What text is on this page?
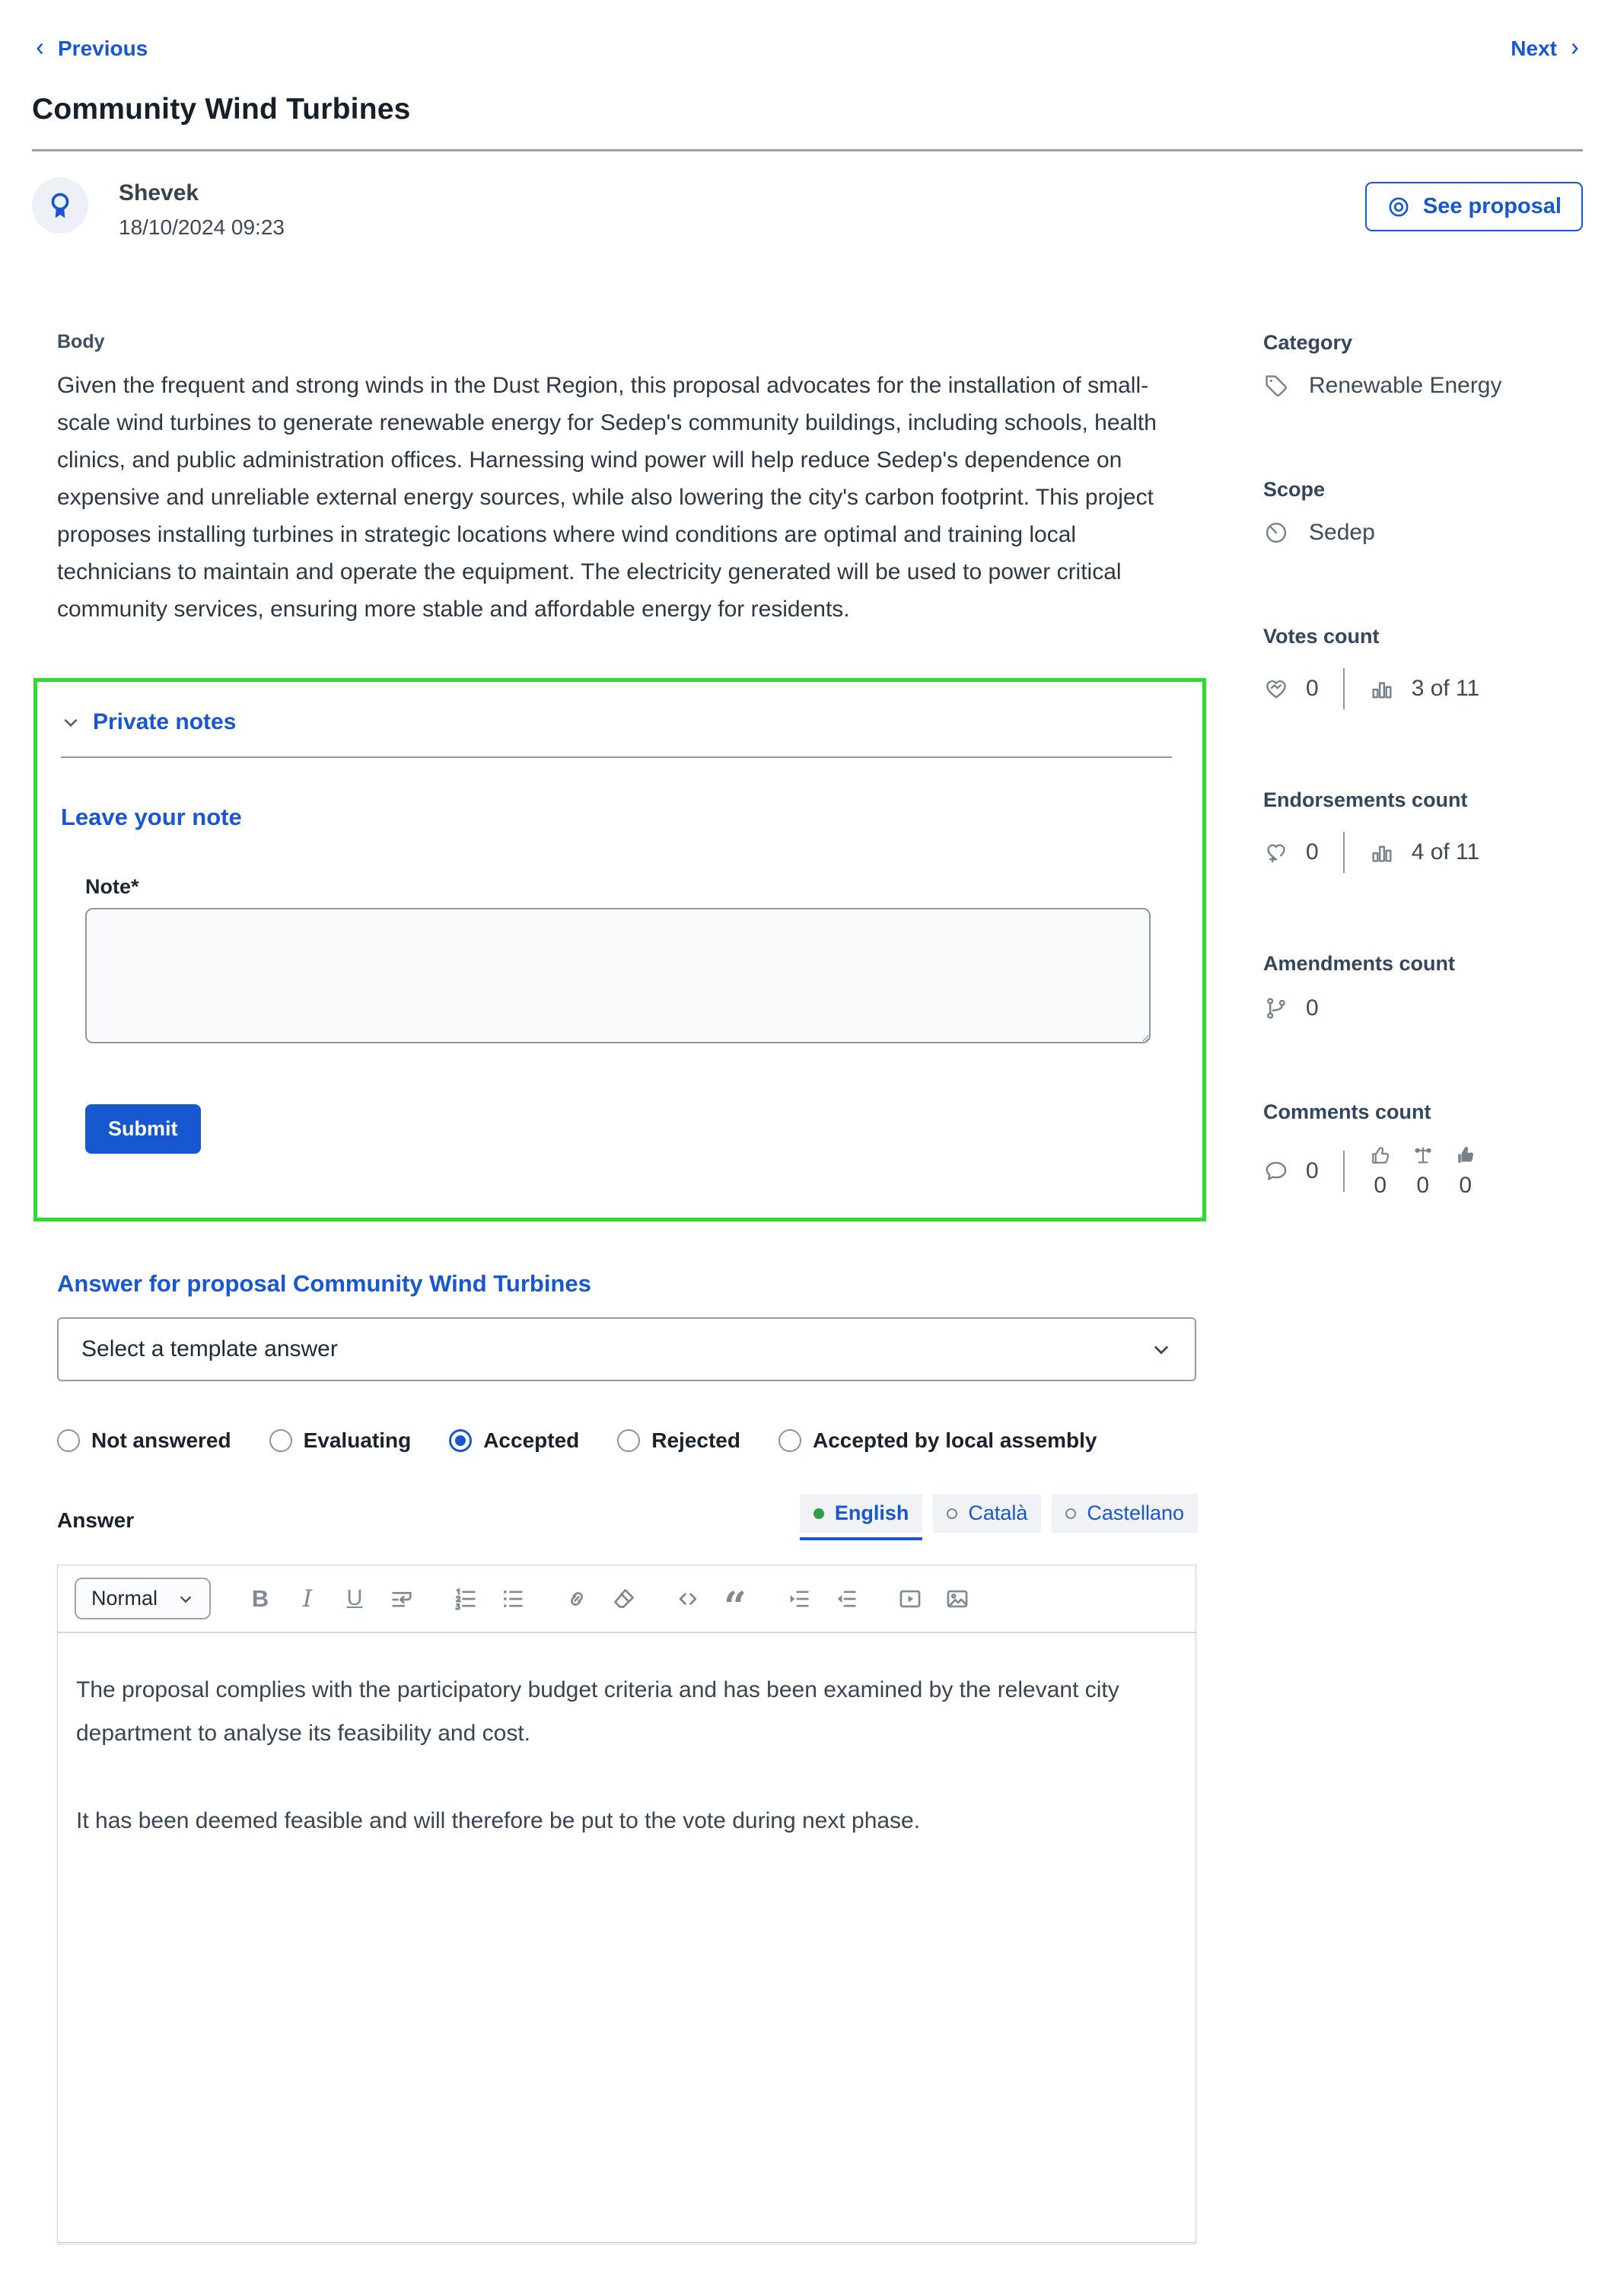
Previous	Next
Community Wind Turbines
Shevek
18/10/2024 09:23
See proposal
Body
Given the frequent and strong winds in the Dust Region, this proposal advocates for the installation of small-scale wind turbines to generate renewable energy for Sedep's community buildings, including schools, health clinics, and public administration offices. Harnessing wind power will help reduce Sedep's dependence on expensive and unreliable external energy sources, while also lowering the city's carbon footprint. This project proposes installing turbines in strategic locations where wind conditions are optimal and training local technicians to maintain and operate the equipment. The electricity generated will be used to power critical community services, ensuring more stable and affordable energy for residents.
Private notes
Leave your note
Note*
Submit
Answer for proposal Community Wind Turbines
Select a template answer
Not answered	Evaluating	Accepted	Rejected	Accepted by local assembly
Answer	English	Català	Castellano
Normal	B I U	“

The proposal complies with the participatory budget criteria and has been examined by the relevant city department to analyse its feasibility and cost.

It has been deemed feasible and will therefore be put to the vote during next phase.

Category
Renewable Energy
Scope
Sedep
Votes count
0	3 of 11
Endorsements count
0	4 of 11
Amendments count
0
Comments count
0
0 0 0
